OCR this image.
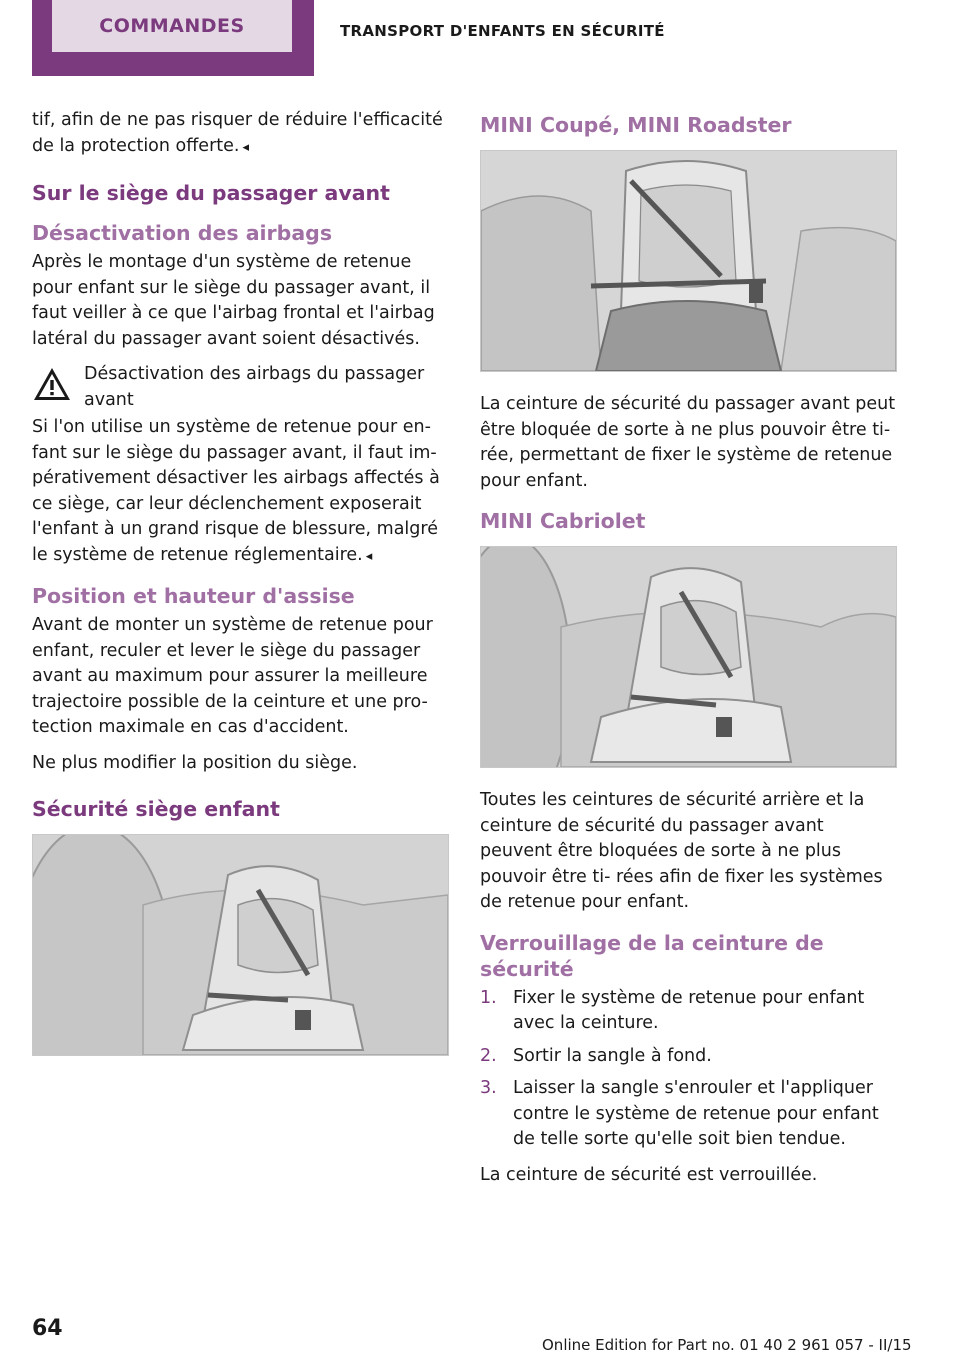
COMMANDES	TRANSPORT D'ENFANTS EN SÉCURITÉ

tif, afin de ne pas risquer de réduire l'efficacité de la protection offerte. ◂

Sur le siège du passager avant
Désactivation des airbags

Après le montage d'un système de retenue pour enfant sur le siège du passager avant, il faut veiller à ce que l'airbag frontal et l'airbag latéral du passager avant soient désactivés.

Désactivation des airbags du passager avant

Si l'on utilise un système de retenue pour en- fant sur le siège du passager avant, il faut im- pérativement désactiver les airbags affectés à ce siège, car leur déclenchement exposerait l'enfant à un grand risque de blessure, malgré le système de retenue réglementaire. ◂

Position et hauteur d'assise

Avant de monter un système de retenue pour enfant, reculer et lever le siège du passager avant au maximum pour assurer la meilleure trajectoire possible de la ceinture et une pro- tection maximale en cas d'accident.

Ne plus modifier la position du siège.

Sécurité siège enfant
MINI Coupé, MINI Roadster

La ceinture de sécurité du passager avant peut être bloquée de sorte à ne plus pouvoir être ti- rée, permettant de fixer le système de retenue pour enfant.

MINI Cabriolet

Toutes les ceintures de sécurité arrière et la ceinture de sécurité du passager avant peuvent être bloquées de sorte à ne plus pouvoir être ti- rées afin de fixer les systèmes de retenue pour enfant.

Verrouillage de la ceinture de sécurité
1. Fixer le système de retenue pour enfant avec la ceinture.
2. Sortir la sangle à fond.
3. Laisser la sangle s'enrouler et l'appliquer contre le système de retenue pour enfant de telle sorte qu'elle soit bien tendue.

La ceinture de sécurité est verrouillée.

64
Online Edition for Part no. 01 40 2 961 057 - II/15
